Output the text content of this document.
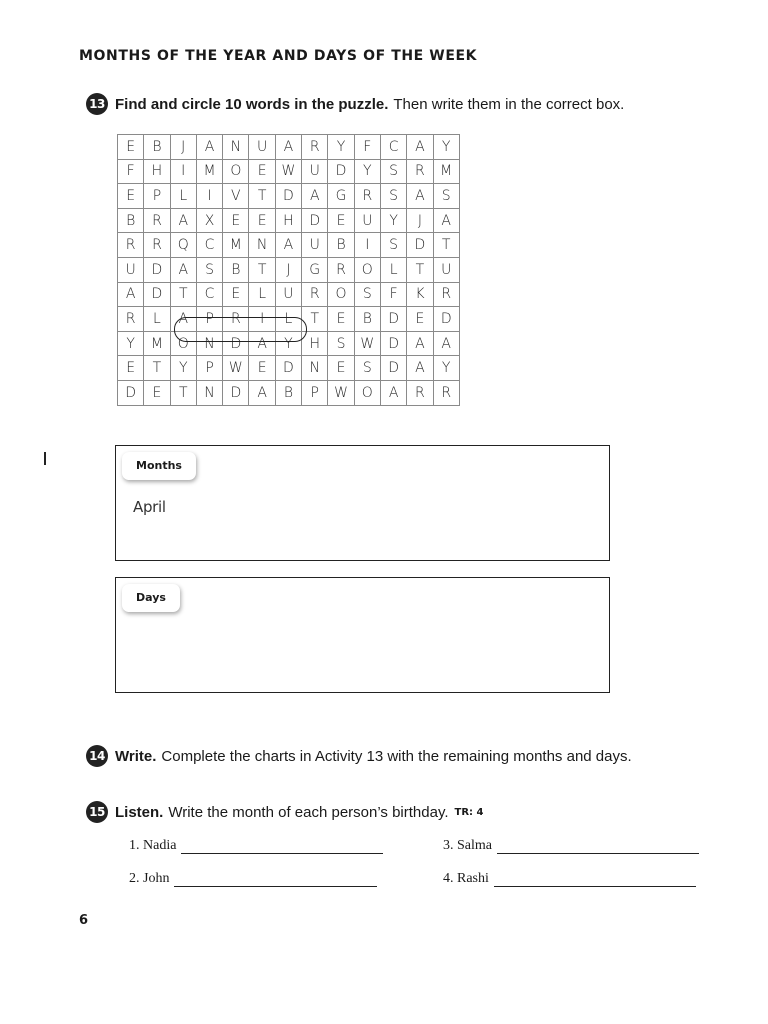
MONTHS OF THE YEAR AND DAYS OF THE WEEK
13 Find and circle 10 words in the puzzle. Then write them in the correct box.
E	B	J	A	N	U	A	R	Y	F	C	A	Y
F	H	I	M	O	E	W	U	D	Y	S	R	M
E	P	L	I	V	T	D	A	G	R	S	A	S
B	R	A	X	E	E	H	D	E	U	Y	J	A
R	R	Q	C	M	N	A	U	B	I	S	D	T
U	D	A	S	B	T	J	G	R	O	L	T	U
A	D	T	C	E	L	U	R	O	S	F	K	R
R	L	A	P	R	I	L	T	E	B	D	E	D
Y	M	O	N	D	A	Y	H	S	W	D	A	A
E	T	Y	P	W	E	D	N	E	S	D	A	Y
D	E	T	N	D	A	B	P	W	O	A	R	R
Months
April
Days
14 Write. Complete the charts in Activity 13 with the remaining months and days.
15 Listen. Write the month of each person’s birthday. TR: 4
1. Nadia
2. John
3. Salma
4. Rashi
6
